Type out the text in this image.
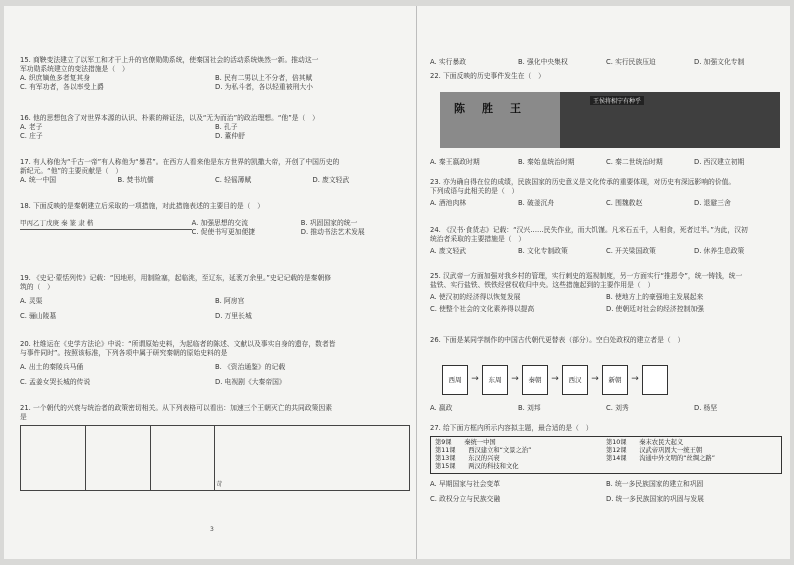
15. 商鞅变法建立了以军工和才干上升的官僚勋勋系统，使秦国社会的活动系统焕然一新。推动这一
军功勋系统建立的变法措施是（　）
A. 织庶嫡鱼多者复其身	B. 民有二男以上不分者，倍其赋
C. 有军功者，各以率受上爵	D. 为私斗者，各以轻重被刑大小
16. 他的思想包含了对世界本源的认识、朴素的辩证法，以及“无为而治”的政治理想。“他”是（　）
A. 老子	B. 孔子
C. 庄子	D. 董仲舒
17. 有人称他为“千古一帝”有人称他为“暴君”。在西方人看来他是东方世界的凯撒大帝，开创了中国历史的
新纪元。“他”的主要贡献是（　）
A. 统一中国	B. 焚书坑儒	C. 轻徭薄赋	D. 废文轻武
18. 下面反映的是秦朝建立后采取的一项措施，对此措施表述的主要目的是（　）
甲丙乙丁戊庚 秦 篆 隶 楷	A. 加强思想的交流	B. 巩固国家的统一
C. 促使书写更加便捷	D. 推动书法艺术发展
19. 《史记·蒙恬列传》记载：“因地形，用制险塞，起临洮，至辽东，延袤万余里。”史记记载的是秦朝修
筑的（　）
A. 灵渠	B. 阿房宫
C. 骊山陵墓	D. 万里长城
20. 杜维运在《史学方法论》中说：“所谓原始史料，为起临者的陈述、文献以及事实自身的遗存，数者皆
与事件同时”。按照该标准，下列各项中属于研究秦朝的原始史料的是
A. 出土的秦陵兵马俑	B. 《资治通鉴》的记载
C. 孟姜女哭长城的传说	D. 电视剧《大秦帝国》
21. 一个朝代的兴衰与统治者的政策密切相关。从下列表格可以看出：加速三个王朝灭亡的共同政策因素
是
			苛
3
A. 实行暴政	B. 强化中央集权	C. 实行民族压迫	D. 加强文化专制
22. 下面反映的历史事件发生在（　）
陈　胜　王
王侯将相宁有种乎
A. 秦王嬴政时期	B. 秦始皇统治时期	C. 秦二世统治时期	D. 西汉建立初期
23. 亦为确自得在位的成绩，民族国家的历史意义是文化传承的重要体现，对历史有深远影响的价值。
下列成语与此相关的是（　）
A. 酒池肉林	B. 破釜沉舟	C. 围魏救赵	D. 退避三舍
24. 《汉书·食货志》记载：“汉兴……民失作业，而大饥馑。凡米石五千，人相食，死者过半。”为此，汉初
统治者采取的主要措施是（　）
A. 废文轻武	B. 文化专制政策	C. 开关梁国政策	D. 休养生息政策
25. 汉武帝一方面加强对我乡村的管理，实行刺史的巡视制度，另一方面实行“推恩令”，统一铸钱，统一
盐铁、实行盐铁、铁铁经营权收归中央。这些措施起到的主要作用是（　）
A. 使汉初的经济得以恢复发展	B. 使地方上的豪强地主发展起来
C. 使整个社会的文化素养得以提高	D. 使朝廷对社会的经济控制加强
26. 下面是某同学制作的中国古代朝代更替表（部分）。空白处政权的建立者是（　）
西周	→	东周	→	秦朝	→	西汉	→	新朝	→
A. 嬴政	B. 刘邦	C. 刘秀	D. 杨坚
27. 给下面方框内所示内容拟主题，最合适的是（　）
第9课　　秦统一中国	第10课　　秦末农民大起义
第11课　　西汉建立和“文景之治”	第12课　　汉武帝巩固大一统王朝
第13课　　东汉的兴衰	第14课　　沟通中外文明的“丝绸之路”
第15课　　两汉的科技和文化
A. 早期国家与社会变革	B. 统一多民族国家的建立和巩固
C. 政权分立与民族交融	D. 统一多民族国家的巩固与发展
